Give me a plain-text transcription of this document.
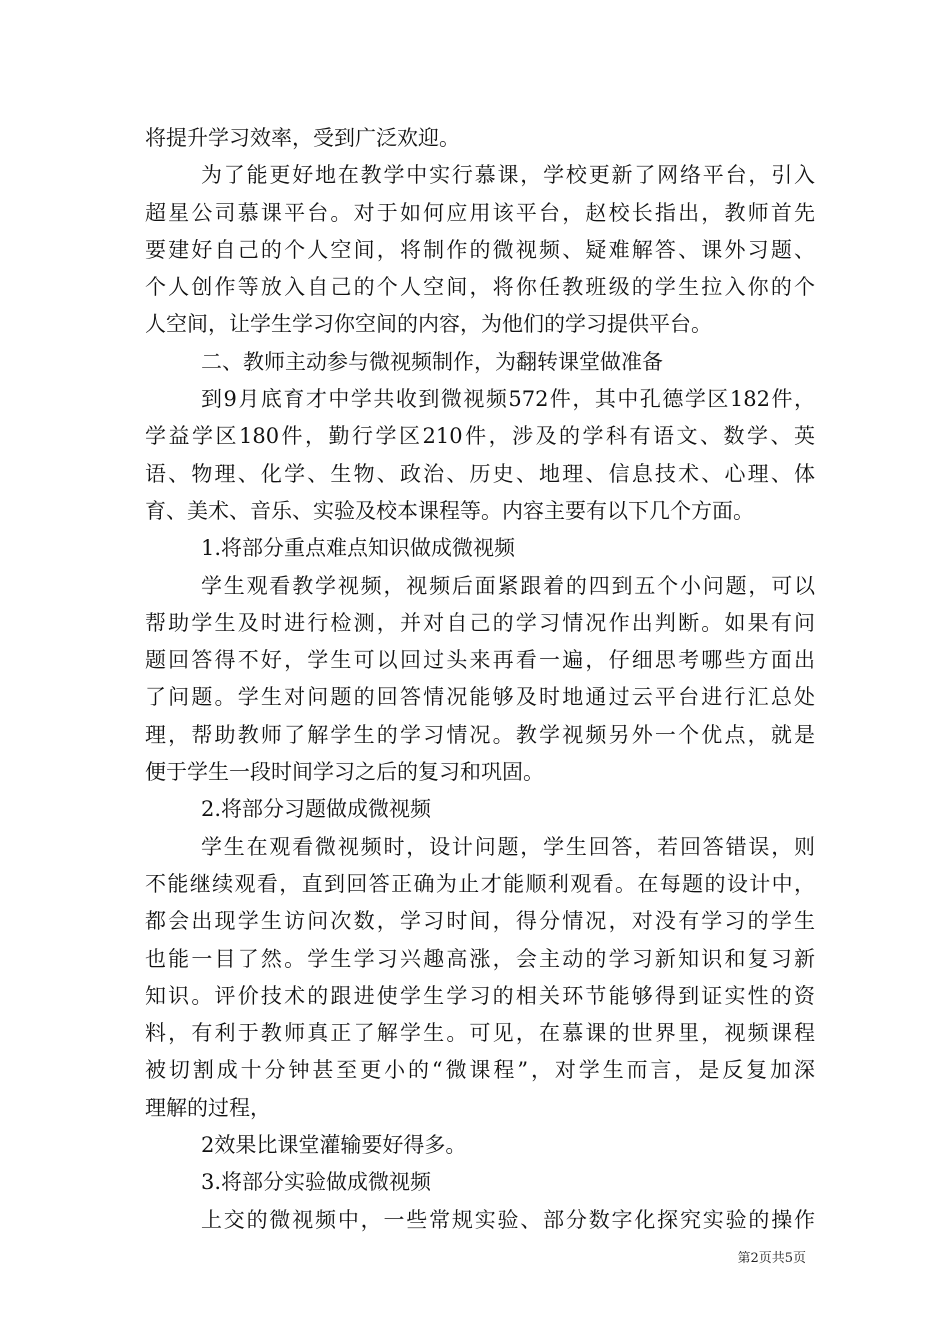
将提升学习效率，受到广泛欢迎。
为了能更好地在教学中实行慕课，学校更新了网络平台，引入
超星公司慕课平台。对于如何应用该平台，赵校长指出，教师首先
要建好自己的个人空间，将制作的微视频、疑难解答、课外习题、
个人创作等放入自己的个人空间，将你任教班级的学生拉入你的个
人空间，让学生学习你空间的内容，为他们的学习提供平台。
二、教师主动参与微视频制作，为翻转课堂做准备
到9月底育才中学共收到微视频572件，其中孔德学区182件，
学益学区180件，勤行学区210件，涉及的学科有语文、数学、英
语、物理、化学、生物、政治、历史、地理、信息技术、心理、体
育、美术、音乐、实验及校本课程等。内容主要有以下几个方面。
1.将部分重点难点知识做成微视频
学生观看教学视频，视频后面紧跟着的四到五个小问题，可以
帮助学生及时进行检测，并对自己的学习情况作出判断。如果有问
题回答得不好，学生可以回过头来再看一遍，仔细思考哪些方面出
了问题。学生对问题的回答情况能够及时地通过云平台进行汇总处
理，帮助教师了解学生的学习情况。教学视频另外一个优点，就是
便于学生一段时间学习之后的复习和巩固。
2.将部分习题做成微视频
学生在观看微视频时，设计问题，学生回答，若回答错误，则
不能继续观看，直到回答正确为止才能顺利观看。在每题的设计中，
都会出现学生访问次数，学习时间，得分情况，对没有学习的学生
也能一目了然。学生学习兴趣高涨，会主动的学习新知识和复习新
知识。评价技术的跟进使学生学习的相关环节能够得到证实性的资
料，有利于教师真正了解学生。可见，在慕课的世界里，视频课程
被切割成十分钟甚至更小的“微课程”，对学生而言，是反复加深
理解的过程，
2效果比课堂灌输要好得多。
3.将部分实验做成微视频
上交的微视频中，一些常规实验、部分数字化探究实验的操作
第2页共5页
